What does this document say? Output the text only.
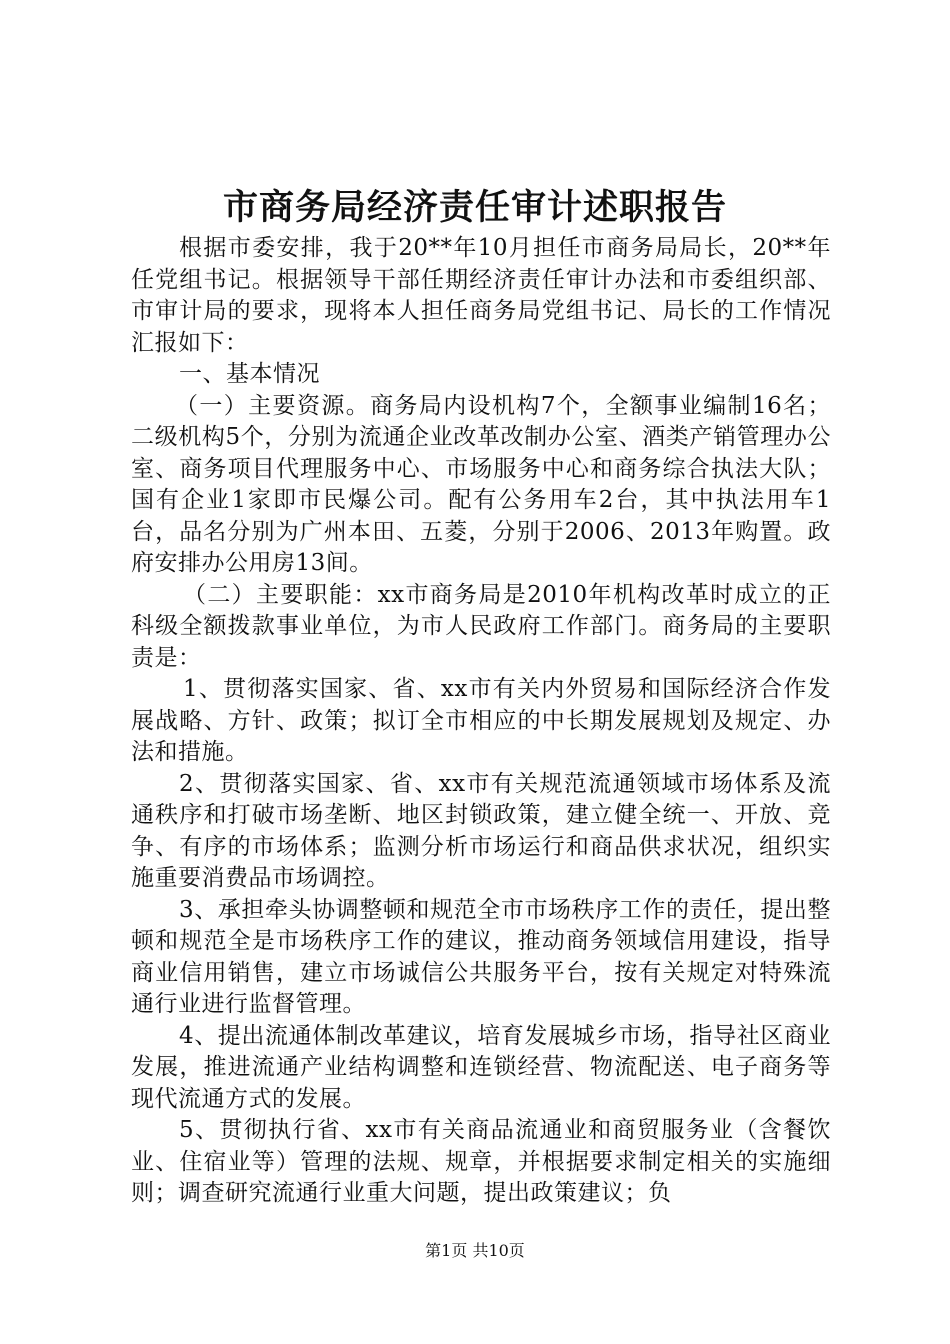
市商务局经济责任审计述职报告

根据市委安排，我于20**年10月担任市商务局局长，20**年任党组书记。根据领导干部任期经济责任审计办法和市委组织部、市审计局的要求，现将本人担任商务局党组书记、局长的工作情况汇报如下：

一、基本情况

（一）主要资源。商务局内设机构7个，全额事业编制16名；二级机构5个，分别为流通企业改革改制办公室、酒类产销管理办公室、商务项目代理服务中心、市场服务中心和商务综合执法大队；国有企业1家即市民爆公司。配有公务用车2台，其中执法用车1台，品名分别为广州本田、五菱，分别于2006、2013年购置。政府安排办公用房13间。

（二）主要职能：xx市商务局是2010年机构改革时成立的正科级全额拨款事业单位，为市人民政府工作部门。商务局的主要职责是：

1、贯彻落实国家、省、xx市有关内外贸易和国际经济合作发展战略、方针、政策；拟订全市相应的中长期发展规划及规定、办法和措施。

2、贯彻落实国家、省、xx市有关规范流通领域市场体系及流通秩序和打破市场垄断、地区封锁政策，建立健全统一、开放、竞争、有序的市场体系；监测分析市场运行和商品供求状况，组织实施重要消费品市场调控。

3、承担牵头协调整顿和规范全市市场秩序工作的责任，提出整顿和规范全是市场秩序工作的建议，推动商务领域信用建设，指导商业信用销售，建立市场诚信公共服务平台，按有关规定对特殊流通行业进行监督管理。

4、提出流通体制改革建议，培育发展城乡市场，指导社区商业发展，推进流通产业结构调整和连锁经营、物流配送、电子商务等现代流通方式的发展。

5、贯彻执行省、xx市有关商品流通业和商贸服务业（含餐饮业、住宿业等）管理的法规、规章，并根据要求制定相关的实施细则；调查研究流通行业重大问题，提出政策建议；负

第1页 共10页
